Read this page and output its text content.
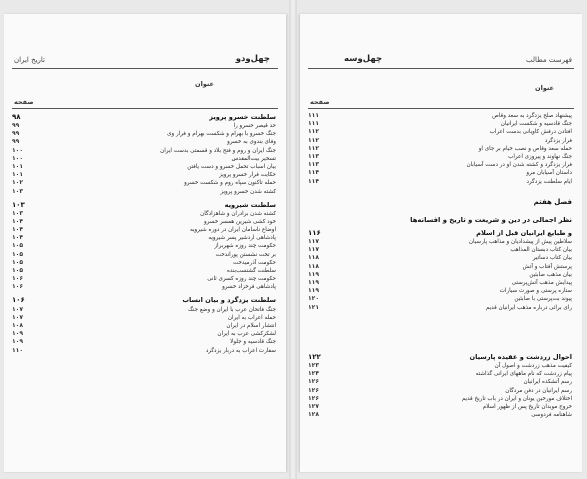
تاریخ ایران	چهل‌ودو
عنوان
صفحه
سلطنت خسرو پرویز
۹۸
حد قیصر خسرو را
۹۹
جنگ خسرو با بهرام و شکست بهرام و فرار وی
۹۹
وفای بندوی به خسرو
۹۹
جنگ ایران و روم و فتح بلاد و قسمتی بدست ایران
۱۰۰
تسخیر بیت‌المقدس
۱۰۰
بیان اسباب تحمل خسرو و دست یافتن
۱۰۱
حکایت فرار خسرو پرویز
۱۰۱
حمله تاکنون سپاه روم و شکست خسرو
۱۰۲
کشته شدن خسرو پرویز
۱۰۳
سلطنت شیرویه
۱۰۳
کشته شدن برادران و شاهزادگان
۱۰۳
خود کشی شیرین همسر خسرو
۱۰۴
اوضاع ناسامان ایران در دوره شیرویه
۱۰۴
پادشاهی اردشیر پسر شیرویه
۱۰۴
حکومت چند روزه شهربراز
۱۰۵
بر تخت نشستن پوراندخت
۱۰۵
حکومت آذرمیدخت
۱۰۵
سلطنت گشنسب‌بنده
۱۰۵
حکومت چند روزه کسری ثانی
۱۰۶
پادشاهی فرخزاد خسرو
۱۰۶
سلطنت یزدگرد و بیان انساب
۱۰۶
جنگ فاتحان عرب با ایران و وضع جنگ
۱۰۷
حمله اعراب به ایران
۱۰۷
انتشار اسلام در ایران
۱۰۸
لشکرکشی عرب به ایران
۱۰۹
جنگ قادسیه و جلولا
۱۰۹
سفارت اعراب به دربار یزدگرد
۱۱۰
فهرست مطالب
چهل‌وسه
عنوان
صفحه
پیشنهاد صلح یزدگرد به سعد وقاص
۱۱۱
جنگ قادسیه و شکست ایرانیان
۱۱۱
افتادن درفش کاویانی بدست اعراب
۱۱۲
فرار یزدگرد
۱۱۲
حمله سعد وقاص و نصب خیام بر جای او
۱۱۲
جنگ نهاوند و پیروزی اعراب
۱۱۳
فرار یزدگرد و کشته شدن او در دست آسیابان
۱۱۳
داستان آسیابان مرو
۱۱۴
ایام سلطنت یزدگرد
۱۱۴
فصل هفتم
نظر اجمالی در دین و شریعت و تاریخ و افسانه‌ها
و طبایع ایرانیان قبل از اسلام
۱۱۶
سلاطین پیش از پیشدادیان و مذاهب پارسیان
۱۱۷
بیان کتاب دبستان المذاهب
۱۱۷
بیان کتاب دساتیر
۱۱۸
پرستش آفتاب و آتش
۱۱۸
بیان مذهب صابئین
۱۱۹
پیدایش مذهب آتش‌پرستی
۱۱۹
ستاره پرستی و صورت سیارات
۱۱۹
پیوند بت‌پرستی با صابئین
۱۲۰
رای برائی درباره مذهب ایرانیان قدیم
۱۲۱
احوال زردشت و عقیده پارسیان
۱۲۲
کیفیت مذهب زردشت و اصول آن
۱۲۳
پیام زردشت که نام ماههای ایرانی گذاشته
۱۲۴
رسم آتشکده ایرانیان
۱۲۶
رسم ایرانیان در دفن مردگان
۱۲۶
اختلاف مورخین یونان و ایران در باب تاریخ قدیم
۱۲۶
خروج موبدان تاریخ پس از ظهور اسلام
۱۲۷
شاهنامه فردوسی
۱۲۸
